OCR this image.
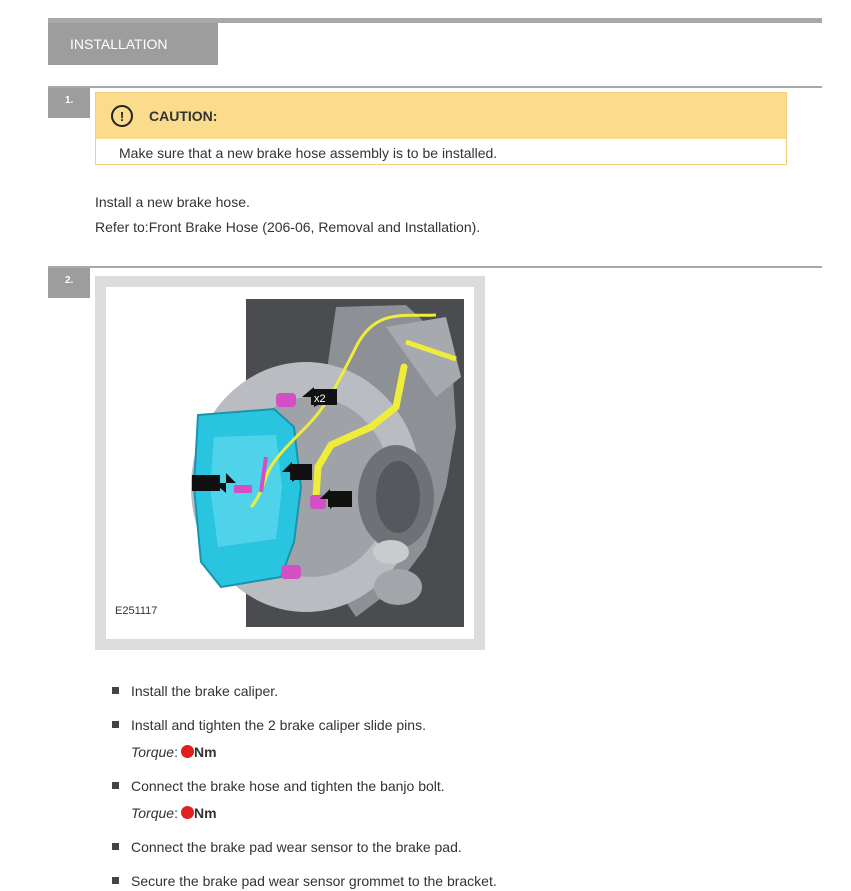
INSTALLATION
1.
!	CAUTION:
Make sure that a new brake hose assembly is to be installed.
Install a new brake hose.
Refer to:Front Brake Hose (206-06, Removal and Installation).
2.
x2
E251117
Install the brake caliper.
Install and tighten the 2 brake caliper slide pins.
Torque: Nm
Connect the brake hose and tighten the banjo bolt.
Torque: Nm
Connect the brake pad wear sensor to the brake pad.
Secure the brake pad wear sensor grommet to the bracket.
